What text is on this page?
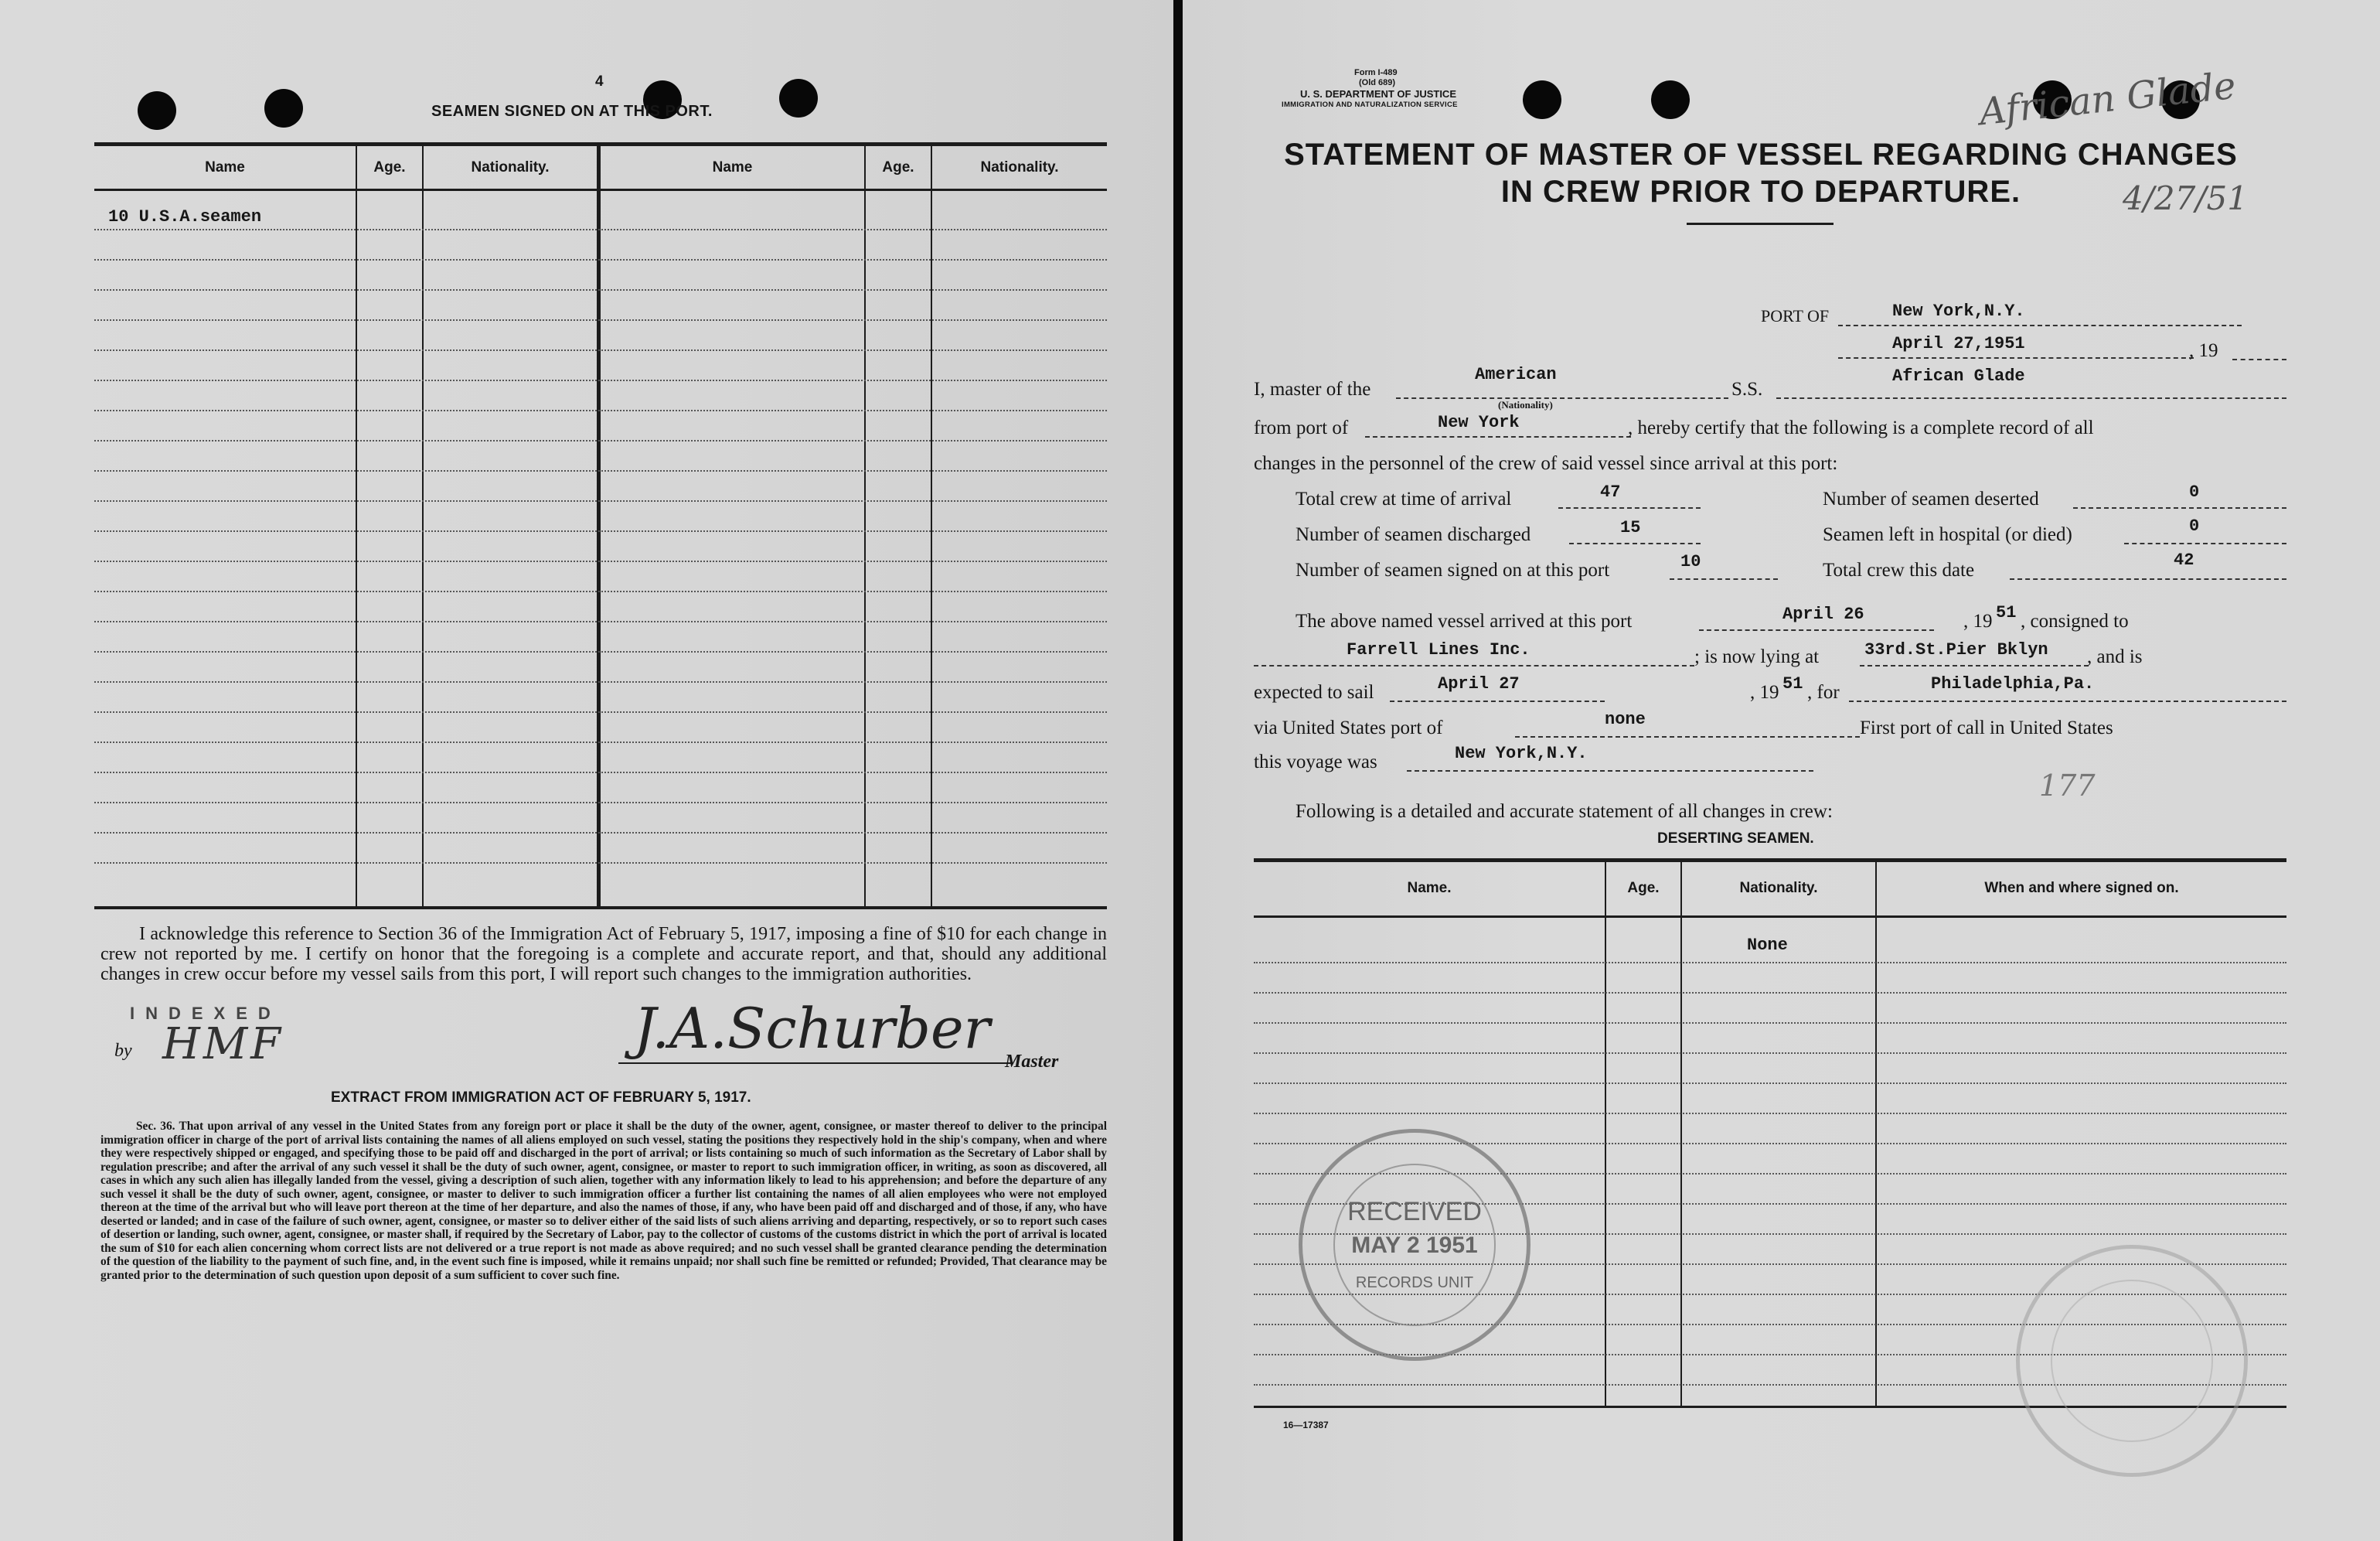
4
SEAMEN SIGNED ON AT THIS PORT.
Name	Age.	Nationality.	Name	Age.	Nationality.
10 U.S.A.seamen
I acknowledge this reference to Section 36 of the Immigration Act of February 5, 1917, imposing a fine of $10 for each change in crew not reported by me. I certify on honor that the foregoing is a complete and accurate report, and that, should any additional changes in crew occur before my vessel sails from this port, I will report such changes to the immigration authorities.
INDEXED
by HMF	J.A.Schurber
Master
EXTRACT FROM IMMIGRATION ACT OF FEBRUARY 5, 1917.
Sec. 36. That upon arrival of any vessel in the United States from any foreign port or place it shall be the duty of the owner, agent, consignee, or master thereof to deliver to the principal immigration officer in charge of the port of arrival lists containing the names of all aliens employed on such vessel, stating the positions they respectively hold in the ship's company, when and where they were respectively shipped or engaged, and specifying those to be paid off and discharged in the port of arrival; or lists containing so much of such information as the Secretary of Labor shall by regulation prescribe; and after the arrival of any such vessel it shall be the duty of such owner, agent, consignee, or master to report to such immigration officer, in writing, as soon as discovered, all cases in which any such alien has illegally landed from the vessel, giving a description of such alien, together with any information likely to lead to his apprehension; and before the departure of any such vessel it shall be the duty of such owner, agent, consignee, or master to deliver to such immigration officer a further list containing the names of all alien employees who were not employed thereon at the time of the arrival but who will leave port thereon at the time of her departure, and also the names of those, if any, who have been paid off and discharged and of those, if any, who have deserted or landed; and in case of the failure of such owner, agent, consignee, or master so to deliver either of the said lists of such aliens arriving and departing, respectively, or so to report such cases of desertion or landing, such owner, agent, consignee, or master shall, if required by the Secretary of Labor, pay to the collector of customs of the customs district in which the port of arrival is located the sum of $10 for each alien concerning whom correct lists are not delivered or a true report is not made as above required; and no such vessel shall be granted clearance pending the determination of the question of the liability to the payment of such fine, and, in the event such fine is imposed, while it remains unpaid; nor shall such fine be remitted or refunded; Provided, That clearance may be granted prior to the determination of such question upon deposit of a sum sufficient to cover such fine.
Form I-489
(Old 689)
U. S. DEPARTMENT OF JUSTICE
IMMIGRATION AND NATURALIZATION SERVICE
STATEMENT OF MASTER OF VESSEL REGARDING CHANGES
IN CREW PRIOR TO DEPARTURE.
African Glade
4/27/51
PORT OF	New York,N.Y.
April 27,1951	, 19
I, master of the
American
(Nationality)
S.S.
African Glade
from port of	New York	, hereby certify that the following is a complete record of all
changes in the personnel of the crew of said vessel since arrival at this port:
Total crew at time of arrival	47
Number of seamen discharged	15
Number of seamen signed on at this port	10
Number of seamen deserted	0
Seamen left in hospital (or died)	0
Total crew this date	42
The above named vessel arrived at this port	April 26	, 19 51 , consigned to
Farrell Lines Inc.	; is now lying at	33rd.St.Pier Bklyn , and is
expected to sail	April 27	, 19 51 , for	Philadelphia,Pa.
via United States port of	none	First port of call in United States
this voyage was	New York,N.Y.
Following is a detailed and accurate statement of all changes in crew:
177
DESERTING SEAMEN.
Name.	Age.	Nationality.	When and where signed on.
None
16—17387
RECEIVED
MAY 2 1951
RECORDS UNIT
